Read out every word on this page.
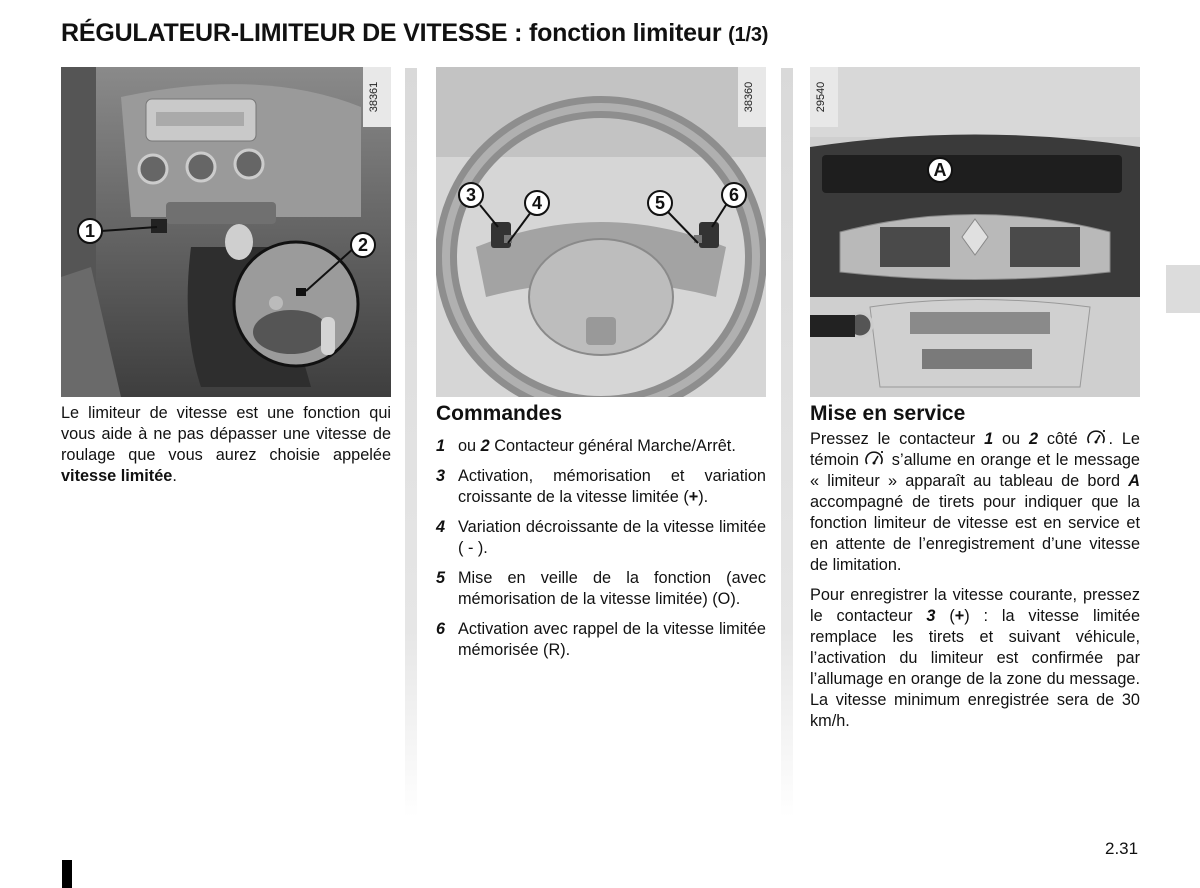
RÉGULATEUR-LIMITEUR DE VITESSE : fonction limiteur (1/3)
1
2
38361
3	4	5	6
38360
A
29540
Le limiteur de vitesse est une fonction qui vous aide à ne pas dépasser une vitesse de roulage que vous aurez choisie appelée vitesse limitée.
Commandes
1 ou 2 Contacteur général Marche/Arrêt.
3 Activation, mémorisation et variation croissante de la vitesse limitée (+).
4 Variation décroissante de la vitesse limitée ( - ).
5 Mise en veille de la fonction (avec mémorisation de la vitesse limitée) (O).
6 Activation avec rappel de la vitesse limitée mémorisée (R).
Mise en service

Pressez le contacteur 1 ou 2 côté . Le témoin  s’allume en orange et le message « limiteur » apparaît au tableau de bord A accompagné de tirets pour indiquer que la fonction limiteur de vitesse est en service et en attente de l’enregistrement d’une vitesse de limitation.

Pour enregistrer la vitesse courante, pressez le contacteur 3 (+) : la vitesse limitée remplace les tirets et suivant véhicule, l’activation du limiteur est confirmée par l’allumage en orange de la zone du message. La vitesse minimum enregistrée sera de 30 km/h.

2.31
